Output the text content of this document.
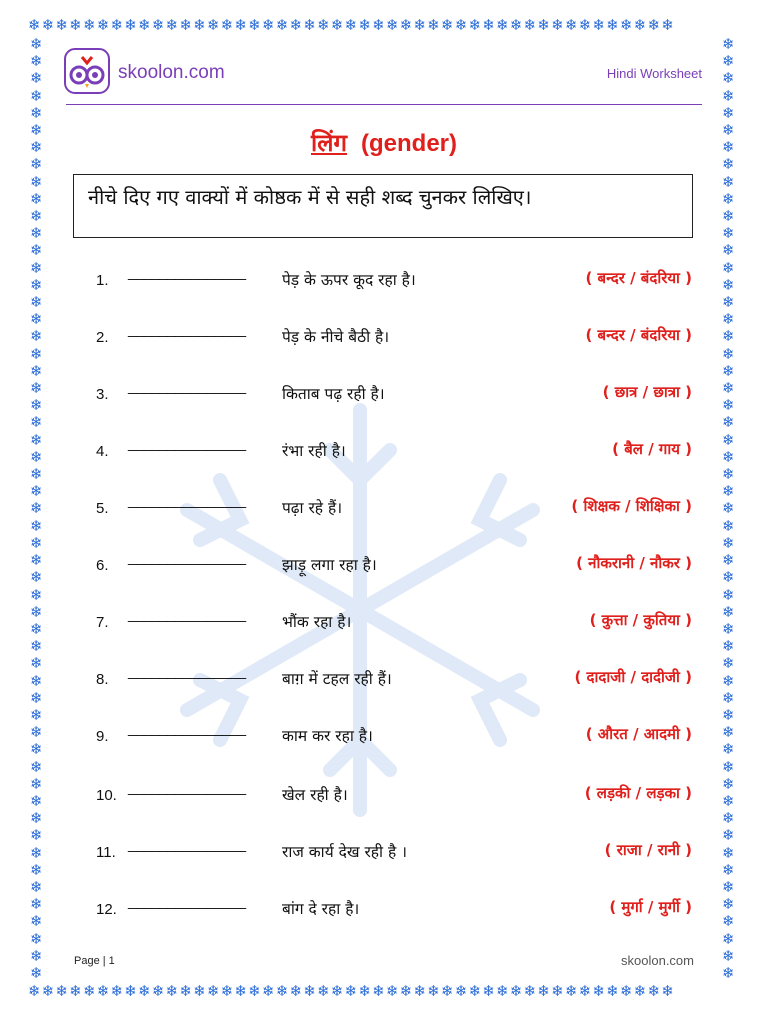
❄❄❄❄❄❄❄❄❄❄❄❄❄❄❄❄❄❄❄❄❄❄❄❄❄❄❄❄❄❄❄❄❄❄❄❄❄❄❄❄❄❄❄❄❄❄❄
❄❄❄❄❄❄❄❄❄❄❄❄❄❄❄❄❄❄❄❄❄❄❄❄❄❄❄❄❄❄❄❄❄❄❄❄❄❄❄❄❄❄❄❄❄❄❄
❄❄❄❄❄❄❄❄❄❄❄❄❄❄❄❄❄❄❄❄❄❄❄❄❄❄❄❄❄❄❄❄❄❄❄❄❄❄❄❄❄❄❄❄❄❄❄❄❄❄❄❄❄❄❄
❄❄❄❄❄❄❄❄❄❄❄❄❄❄❄❄❄❄❄❄❄❄❄❄❄❄❄❄❄❄❄❄❄❄❄❄❄❄❄❄❄❄❄❄❄❄❄❄❄❄❄❄❄❄❄
skoolon.com	Hindi Worksheet
लिंग (gender)
नीचे दिए गए वाक्यों में कोष्ठक में से सही शब्द चुनकर लिखिए।
1. _______________ पेड़ के ऊपर कूद रहा है।	( बन्दर / बंदरिया )
2. _______________ पेड़ के नीचे बैठी है।	( बन्दर / बंदरिया )
3. _______________ किताब पढ़ रही है।	( छात्र / छात्रा )
4. _______________ रंभा रही है।	( बैल / गाय )
5. _______________ पढ़ा रहे हैं।	( शिक्षक / शिक्षिका )
6. _______________ झाड़ू लगा रहा है।	( नौकरानी / नौकर )
7. _______________ भौंक रहा है।	( कुत्ता / कुतिया )
8. _______________ बाग़ में टहल रही हैं।	( दादाजी / दादीजी )
9. _______________ काम कर रहा है।	( औरत / आदमी )
10. _______________ खेल रही है।	( लड़की / लड़का )
11. _______________ राज कार्य देख रही है ।	( राजा / रानी )
12. _______________ बांग दे रहा है।	( मुर्गा / मुर्गी )
Page | 1	skoolon.com
